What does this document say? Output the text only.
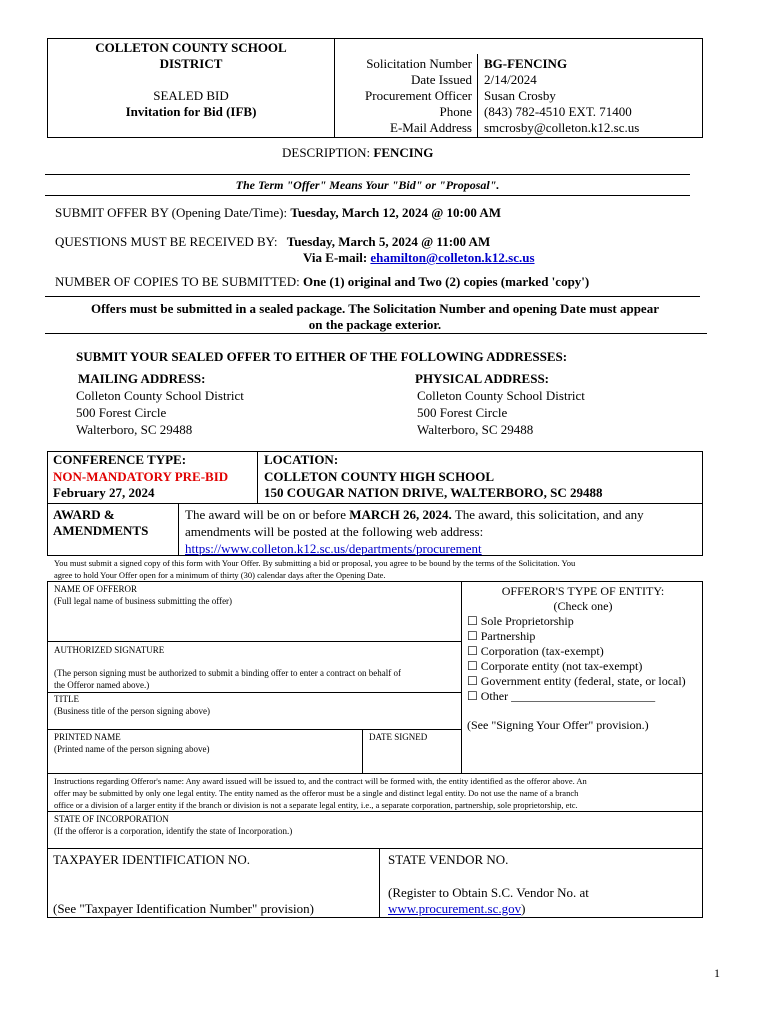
COLLETON COUNTY SCHOOL
DISTRICT
SEALED BID
Invitation for Bid (IFB)
Solicitation Number
Date Issued
Procurement Officer
Phone
E-Mail Address
BG-FENCING
2/14/2024
Susan Crosby
(843) 782-4510 EXT. 71400
smcrosby@colleton.k12.sc.us
DESCRIPTION: FENCING
The Term "Offer" Means Your "Bid" or "Proposal".
SUBMIT OFFER BY (Opening Date/Time): Tuesday, March 12, 2024 @ 10:00 AM
QUESTIONS MUST BE RECEIVED BY: Tuesday, March 5, 2024 @ 11:00 AM
Via E-mail: ehamilton@colleton.k12.sc.us
NUMBER OF COPIES TO BE SUBMITTED: One (1) original and Two (2) copies (marked 'copy')
Offers must be submitted in a sealed package. The Solicitation Number and opening Date must appear
on the package exterior.
SUBMIT YOUR SEALED OFFER TO EITHER OF THE FOLLOWING ADDRESSES:
MAILING ADDRESS:
Colleton County School District
500 Forest Circle
Walterboro, SC 29488
PHYSICAL ADDRESS:
Colleton County School District
500 Forest Circle
Walterboro, SC 29488
CONFERENCE TYPE:
NON-MANDATORY PRE-BID
February 27, 2024
LOCATION:
COLLETON COUNTY HIGH SCHOOL
150 COUGAR NATION DRIVE, WALTERBORO, SC 29488
AWARD &
AMENDMENTS
The award will be on or before MARCH 26, 2024. The award, this solicitation, and any
amendments will be posted at the following web address:
https://www.colleton.k12.sc.us/departments/procurement
You must submit a signed copy of this form with Your Offer. By submitting a bid or proposal, you agree to be bound by the terms of the Solicitation. You
agree to hold Your Offer open for a minimum of thirty (30) calendar days after the Opening Date.
NAME OF OFFEROR
(Full legal name of business submitting the offer)
AUTHORIZED SIGNATURE
(The person signing must be authorized to submit a binding offer to enter a contract on behalf of
the Offeror named above.)
TITLE
(Business title of the person signing above)
PRINTED NAME
(Printed name of the person signing above)
DATE SIGNED
OFFEROR'S TYPE OF ENTITY:
(Check one)
☐ Sole Proprietorship
☐ Partnership
☐ Corporation (tax-exempt)
☐ Corporate entity (not tax-exempt)
☐ Government entity (federal, state, or local)
☐ Other ________________________
(See "Signing Your Offer" provision.)
Instructions regarding Offeror's name: Any award issued will be issued to, and the contract will be formed with, the entity identified as the offeror above. An
offer may be submitted by only one legal entity. The entity named as the offeror must be a single and distinct legal entity. Do not use the name of a branch
office or a division of a larger entity if the branch or division is not a separate legal entity, i.e., a separate corporation, partnership, sole proprietorship, etc.
STATE OF INCORPORATION
(If the offeror is a corporation, identify the state of Incorporation.)
TAXPAYER IDENTIFICATION NO.
(See "Taxpayer Identification Number" provision)
STATE VENDOR NO.
(Register to Obtain S.C. Vendor No. at
www.procurement.sc.gov)
1
